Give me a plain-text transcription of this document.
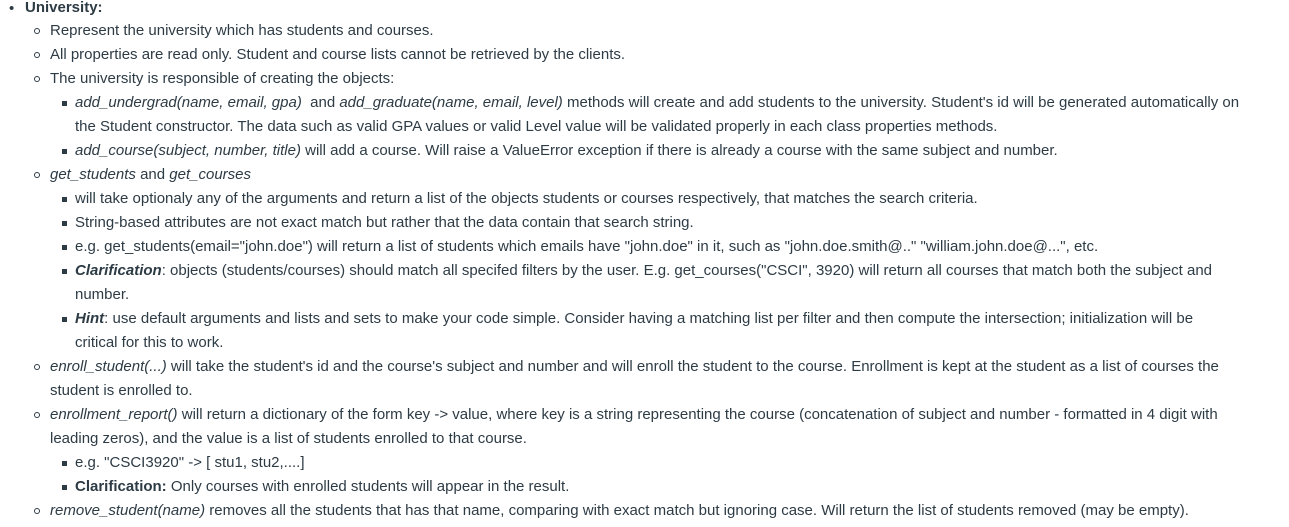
• University:
Represent the university which has students and courses.
All properties are read only. Student and course lists cannot be retrieved by the clients.
The university is responsible of creating the objects:
add_undergrad(name, email, gpa)  and add_graduate(name, email, level) methods will create and add students to the university. Student's id will be generated automatically on
the Student constructor. The data such as valid GPA values or valid Level value will be validated properly in each class properties methods.
add_course(subject, number, title) will add a course. Will raise a ValueError exception if there is already a course with the same subject and number.
get_students and get_courses
will take optionaly any of the arguments and return a list of the objects students or courses respectively, that matches the search criteria.
String-based attributes are not exact match but rather that the data contain that search string.
e.g. get_students(email="john.doe") will return a list of students which emails have "john.doe" in it, such as "john.doe.smith@.." "william.john.doe@...", etc.
Clarification: objects (students/courses) should match all specifed filters by the user. E.g. get_courses("CSCI", 3920) will return all courses that match both the subject and
number.
Hint: use default arguments and lists and sets to make your code simple. Consider having a matching list per filter and then compute the intersection; initialization will be
critical for this to work.
enroll_student(...) will take the student's id and the course's subject and number and will enroll the student to the course. Enrollment is kept at the student as a list of courses the
student is enrolled to.
enrollment_report() will return a dictionary of the form key -> value, where key is a string representing the course (concatenation of subject and number - formatted in 4 digit with
leading zeros), and the value is a list of students enrolled to that course.
e.g. "CSCI3920" -> [ stu1, stu2,....]
Clarification: Only courses with enrolled students will appear in the result.
remove_student(name) removes all the students that has that name, comparing with exact match but ignoring case. Will return the list of students removed (may be empty).
